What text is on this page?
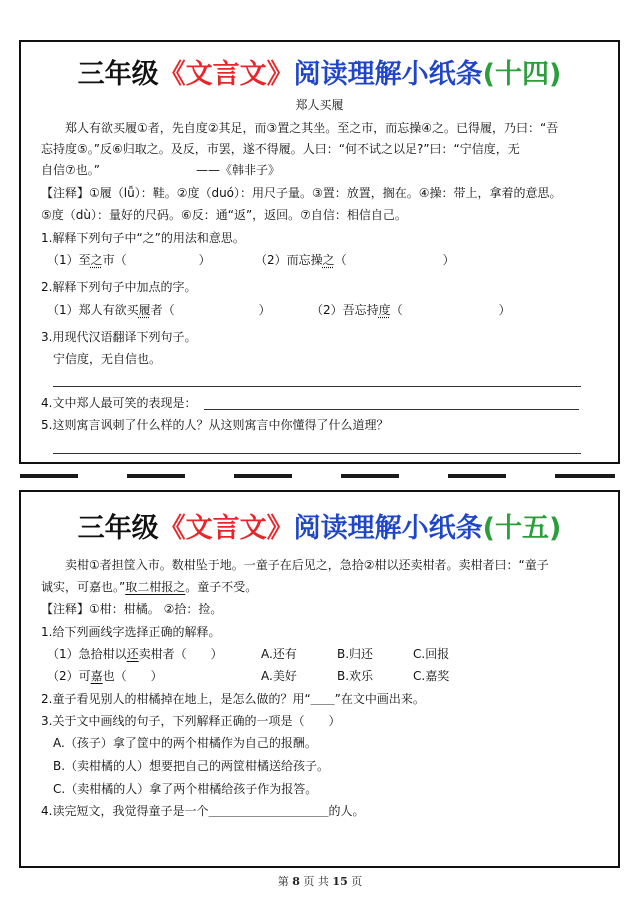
三年级《文言文》阅读理解小纸条(十四)
郑人买履
　　郑人有欲买履①者，先自度②其足，而③置之其坐。至之市，而忘操④之。已得履，乃曰：“吾
忘持度⑤。”反⑥归取之。及反，市罢，遂不得履。人曰：“何不试之以足?”曰：“宁信度，无
自信⑦也。”　　　　　　　　——《韩非子》
【注释】①履（lǚ）：鞋。②度（duó）：用尺子量。③置：放置，搁在。④操：带上，拿着的意思。
⑤度（dù）：量好的尺码。⑥反：通“返”，返回。⑦自信：相信自己。
1.解释下列句子中“之”的用法和意思。
（1）至之市（　　　　　　）	（2）而忘操之（　　　　　　　　）
2.解释下列句子中加点的字。
（1）郑人有欲买履者（　　　　　　　）	（2）吾忘持度（　　　　　　　　）
3.用现代汉语翻译下列句子。
宁信度，无自信也。
4.文中郑人最可笑的表现是：
5.这则寓言讽刺了什么样的人？从这则寓言中你懂得了什么道理？
三年级《文言文》阅读理解小纸条(十五)
　　卖柑①者担筐入市。数柑坠于地。一童子在后见之，急拾②柑以还卖柑者。卖柑者曰：“童子
诚实，可嘉也。”取二柑报之。童子不受。
【注释】①柑：柑橘。 ②拾：捡。
1.给下列画线字选择正确的解释。
（1）急拾柑以还卖柑者（　　）	A.还有	B.归还	C.回报
（2）可嘉也（　　）	A.美好	B.欢乐	C.嘉奖
2.童子看见别人的柑橘掉在地上，是怎么做的？用“＿＿”在文中画出来。
3.关于文中画线的句子，下列解释正确的一项是（　　）
A.（孩子）拿了筐中的两个柑橘作为自己的报酬。
B.（卖柑橘的人）想要把自己的两筐柑橘送给孩子。
C.（卖柑橘的人）拿了两个柑橘给孩子作为报答。
4.读完短文，我觉得童子是一个＿＿＿＿＿＿＿＿＿＿的人。
第 8 页 共 15 页
